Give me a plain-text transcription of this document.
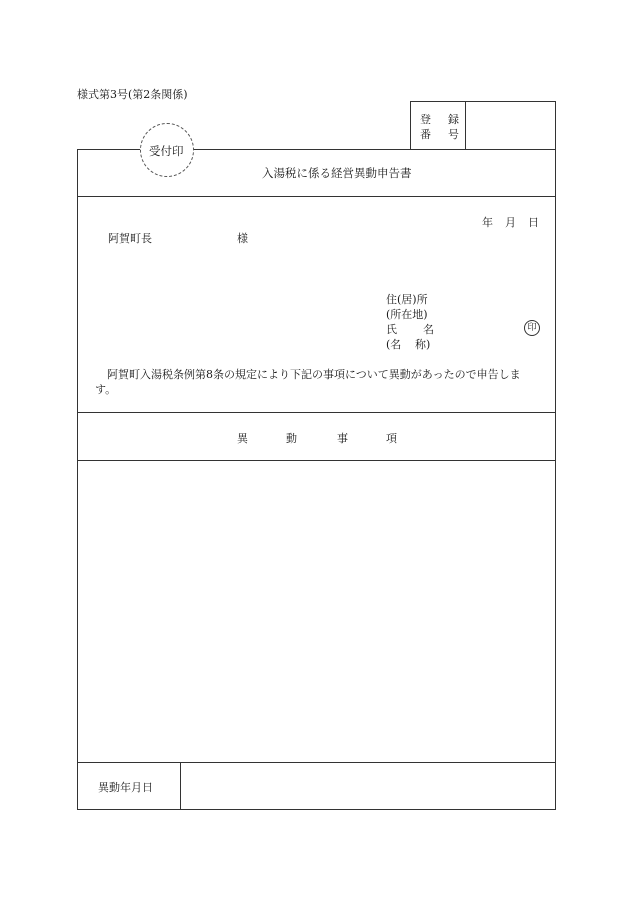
様式第3号(第2条関係)
登 録
番 号
受付印
入湯税に係る経営異動申告書
年 月 日
阿賀町長	様
住(居)所
(所在地)
氏 名
(名 称)
印
阿賀町入湯税条例第8条の規定により下記の事項について異動があったので申告しま
す。
異	動	事	項
異動年月日
